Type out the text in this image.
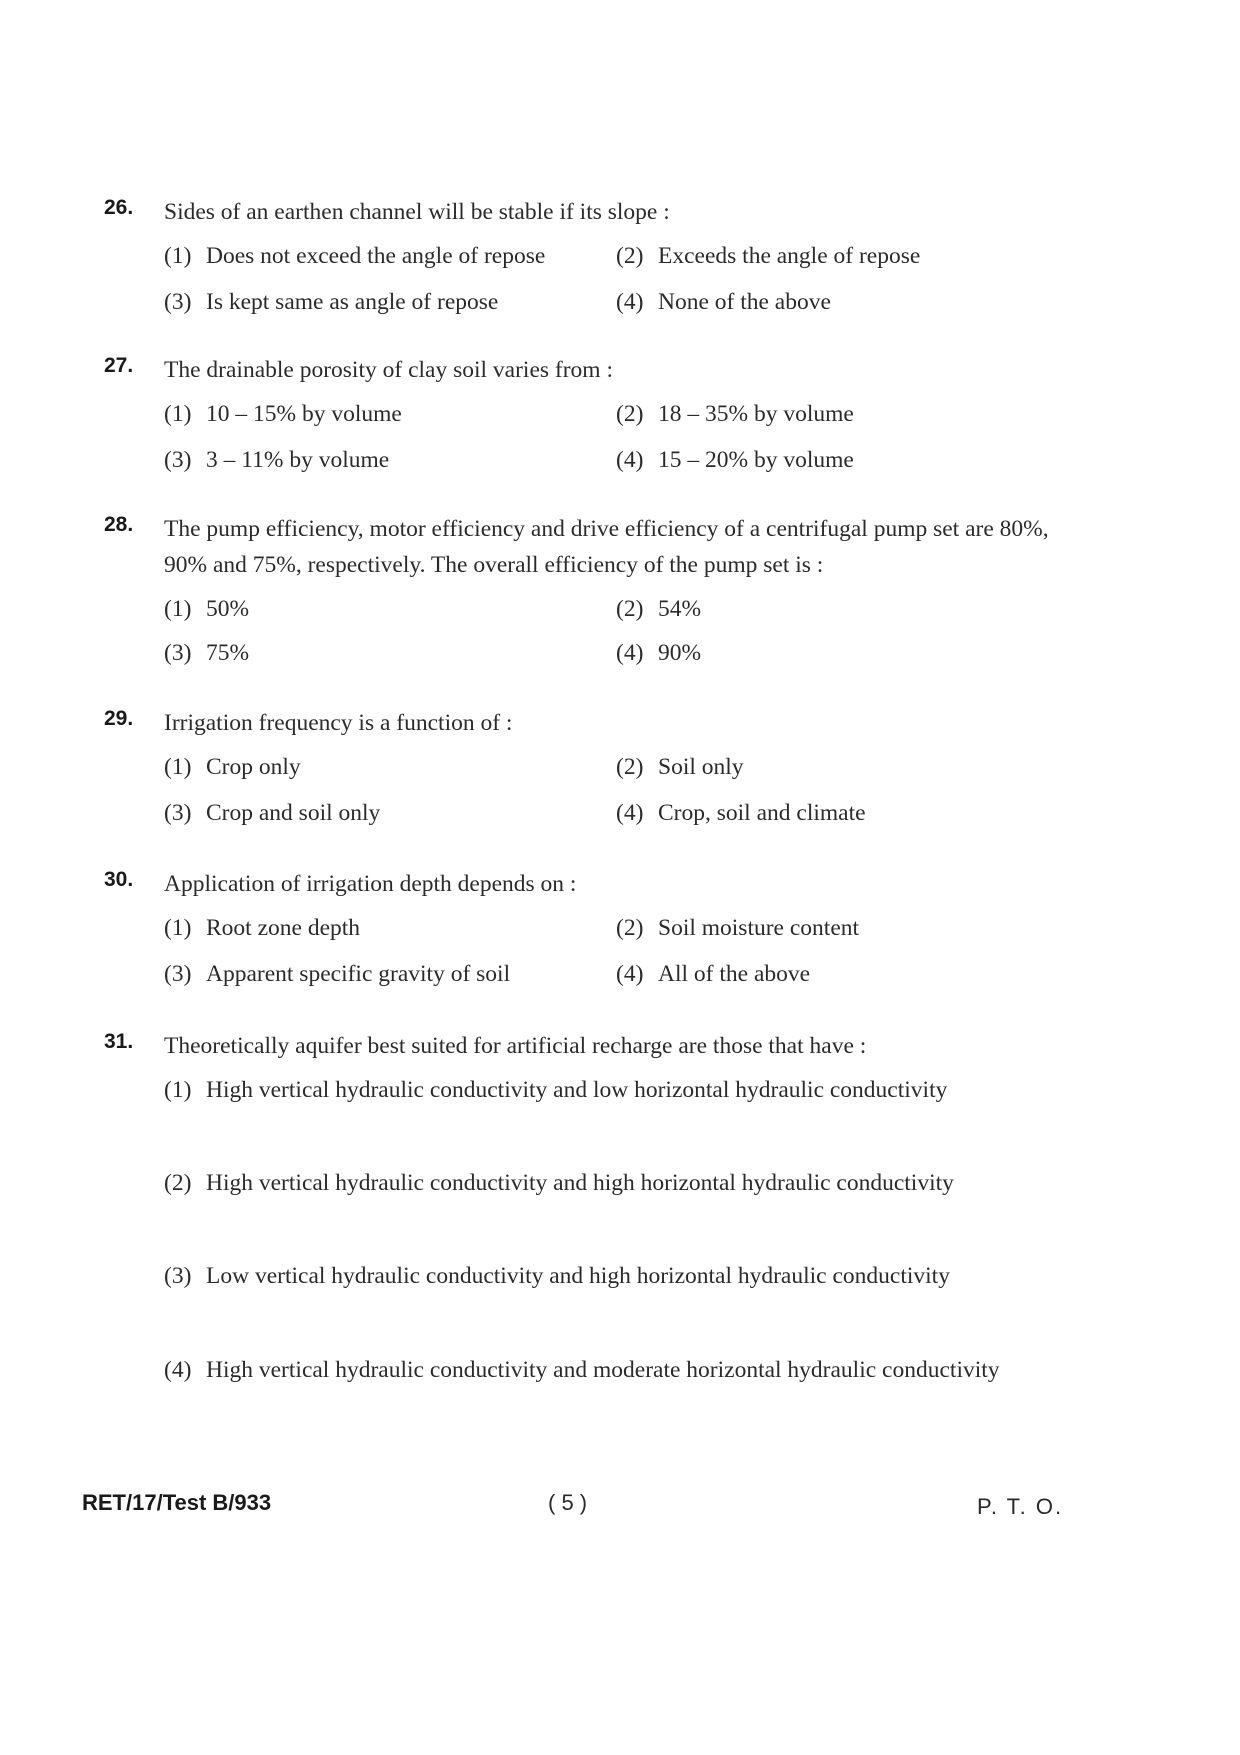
26. Sides of an earthen channel will be stable if its slope :
(1) Does not exceed the angle of repose	(2) Exceeds the angle of repose
(3) Is kept same as angle of repose	(4) None of the above
27. The drainable porosity of clay soil varies from :
(1) 10 – 15% by volume	(2) 18 – 35% by volume
(3) 3 – 11% by volume	(4) 15 – 20% by volume
28. The pump efficiency, motor efficiency and drive efficiency of a centrifugal pump set are 80%, 90% and 75%, respectively. The overall efficiency of the pump set is :
(1) 50%	(2) 54%
(3) 75%	(4) 90%
29. Irrigation frequency is a function of :
(1) Crop only	(2) Soil only
(3) Crop and soil only	(4) Crop, soil and climate
30. Application of irrigation depth depends on :
(1) Root zone depth	(2) Soil moisture content
(3) Apparent specific gravity of soil	(4) All of the above
31. Theoretically aquifer best suited for artificial recharge are those that have :
(1) High vertical hydraulic conductivity and low horizontal hydraulic conductivity
(2) High vertical hydraulic conductivity and high horizontal hydraulic conductivity
(3) Low vertical hydraulic conductivity and high horizontal hydraulic conductivity
(4) High vertical hydraulic conductivity and moderate horizontal hydraulic conductivity
RET/17/Test B/933	( 5 )	P. T. O.
